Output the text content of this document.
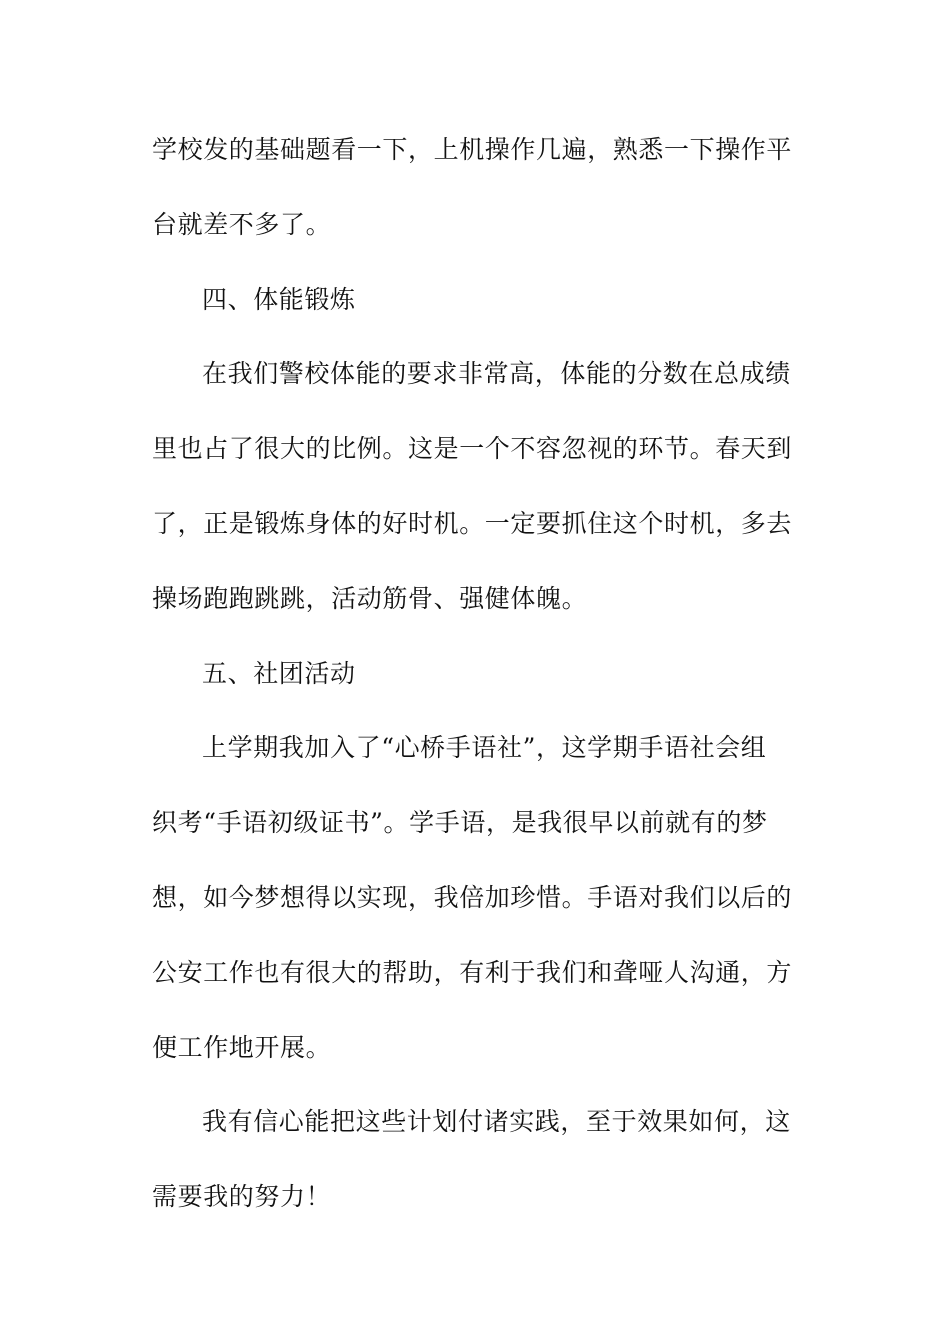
学校发的基础题看一下，上机操作几遍，熟悉一下操作平
台就差不多了。
四、体能锻炼
在我们警校体能的要求非常高，体能的分数在总成绩
里也占了很大的比例。这是一个不容忽视的环节。春天到
了，正是锻炼身体的好时机。一定要抓住这个时机，多去
操场跑跑跳跳，活动筋骨、强健体魄。
五、社团活动
上学期我加入了“心桥手语社”，这学期手语社会组
织考“手语初级证书”。学手语，是我很早以前就有的梦
想，如今梦想得以实现，我倍加珍惜。手语对我们以后的
公安工作也有很大的帮助，有利于我们和聋哑人沟通，方
便工作地开展。
我有信心能把这些计划付诸实践，至于效果如何，这
需要我的努力！
